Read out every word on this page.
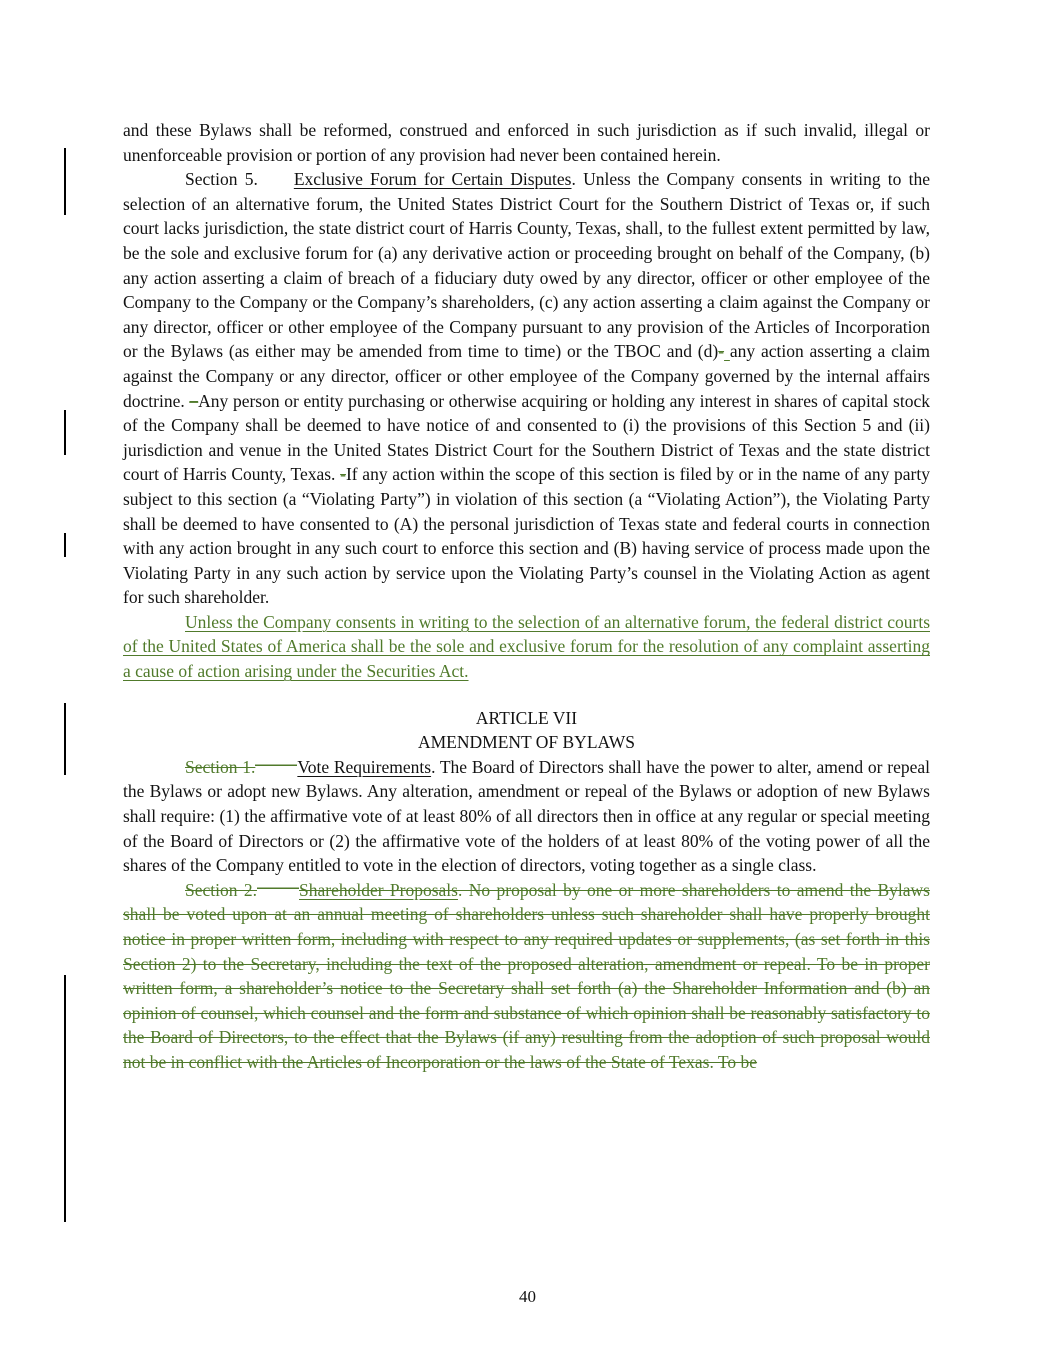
and these Bylaws shall be reformed, construed and enforced in such jurisdiction as if such invalid, illegal or unenforceable provision or portion of any provision had never been contained herein.

Section 5. Exclusive Forum for Certain Disputes. Unless the Company consents in writing to the selection of an alternative forum, the United States District Court for the Southern District of Texas or, if such court lacks jurisdiction, the state district court of Harris County, Texas, shall, to the fullest extent permitted by law, be the sole and exclusive forum for (a) any derivative action or proceeding brought on behalf of the Company, (b) any action asserting a claim of breach of a fiduciary duty owed by any director, officer or other employee of the Company to the Company or the Company’s shareholders, (c) any action asserting a claim against the Company or any director, officer or other employee of the Company pursuant to any provision of the Articles of Incorporation or the Bylaws (as either may be amended from time to time) or the TBOC and (d)- any action asserting a claim against the Company or any director, officer or other employee of the Company governed by the internal affairs doctrine. –Any person or entity purchasing or otherwise acquiring or holding any interest in shares of capital stock of the Company shall be deemed to have notice of and consented to (i) the provisions of this Section 5 and (ii) jurisdiction and venue in the United States District Court for the Southern District of Texas and the state district court of Harris County, Texas. -If any action within the scope of this section is filed by or in the name of any party subject to this section (a “Violating Party”) in violation of this section (a “Violating Action”), the Violating Party shall be deemed to have consented to (A) the personal jurisdiction of Texas state and federal courts in connection with any action brought in any such court to enforce this section and (B) having service of process made upon the Violating Party in any such action by service upon the Violating Party’s counsel in the Violating Action as agent for such shareholder.

Unless the Company consents in writing to the selection of an alternative forum, the federal district courts of the United States of America shall be the sole and exclusive forum for the resolution of any complaint asserting a cause of action arising under the Securities Act.

ARTICLE VII
AMENDMENT OF BYLAWS

Section 1. Vote Requirements. The Board of Directors shall have the power to alter, amend or repeal the Bylaws or adopt new Bylaws. Any alteration, amendment or repeal of the Bylaws or adoption of new Bylaws shall require: (1) the affirmative vote of at least 80% of all directors then in office at any regular or special meeting of the Board of Directors or (2) the affirmative vote of the holders of at least 80% of the voting power of all the shares of the Company entitled to vote in the election of directors, voting together as a single class.

Section 2. Shareholder Proposals. No proposal by one or more shareholders to amend the Bylaws shall be voted upon at an annual meeting of shareholders unless such shareholder shall have properly brought notice in proper written form, including with respect to any required updates or supplements, (as set forth in this Section 2) to the Secretary, including the text of the proposed alteration, amendment or repeal. To be in proper written form, a shareholder’s notice to the Secretary shall set forth (a) the Shareholder Information and (b) an opinion of counsel, which counsel and the form and substance of which opinion shall be reasonably satisfactory to the Board of Directors, to the effect that the Bylaws (if any) resulting from the adoption of such proposal would not be in conflict with the Articles of Incorporation or the laws of the State of Texas. To be

40
